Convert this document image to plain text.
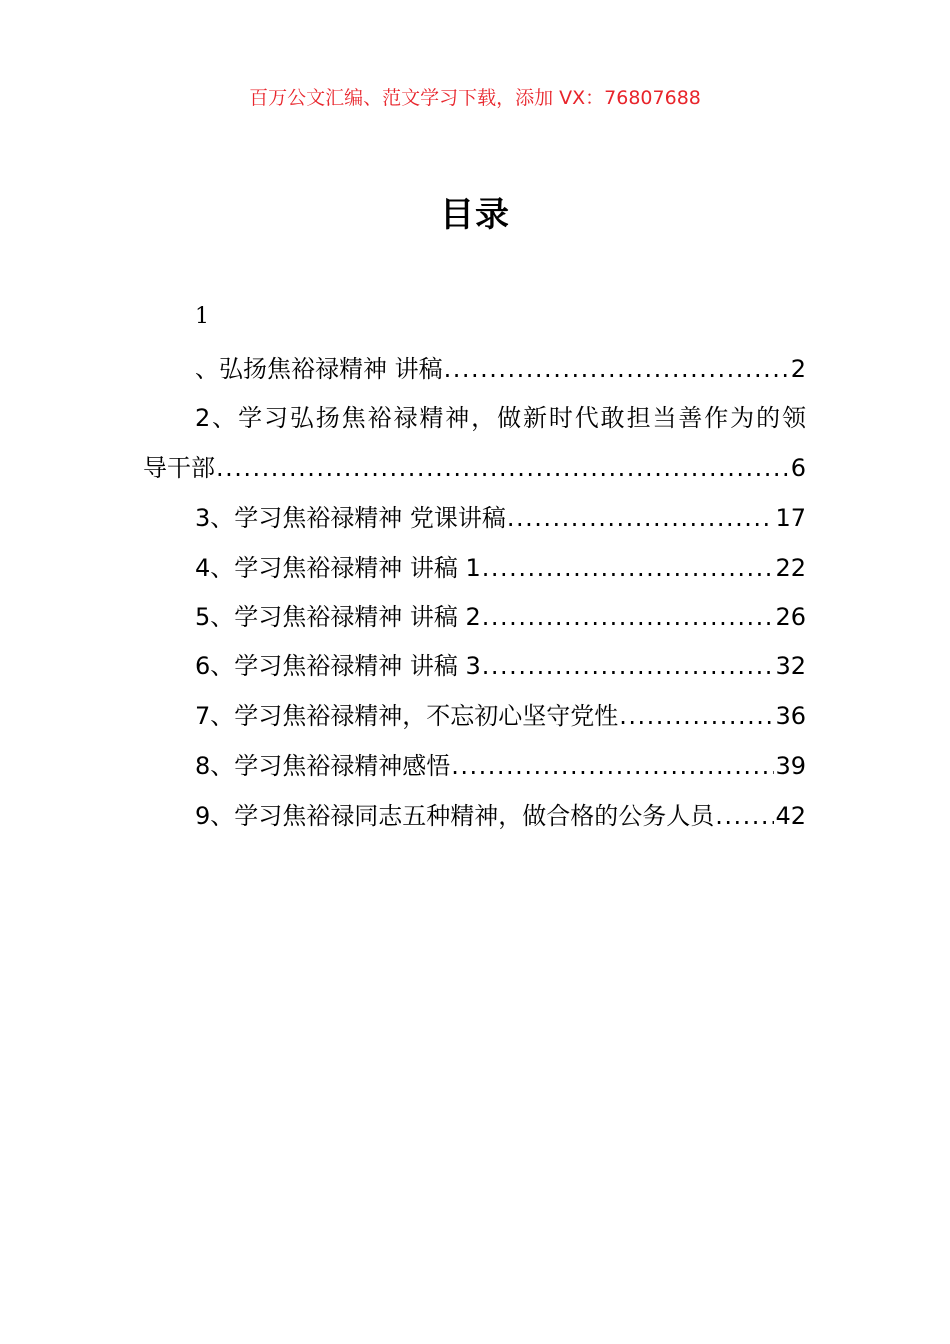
百万公文汇编、范文学习下载，添加 VX：76807688
目录
1
、弘扬焦裕禄精神 讲稿 .....	2
2、学习弘扬焦裕禄精神，做新时代敢担当善作为的领
导干部 .....	6
3、学习焦裕禄精神 党课讲稿 .....	17
4、学习焦裕禄精神 讲稿 1 .....	22
5、学习焦裕禄精神 讲稿 2 .....	26
6、学习焦裕禄精神 讲稿 3 .....	32
7、学习焦裕禄精神，不忘初心坚守党性 .....	36
8、学习焦裕禄精神感悟 .....	39
9、学习焦裕禄同志五种精神，做合格的公务人员 .....	42
